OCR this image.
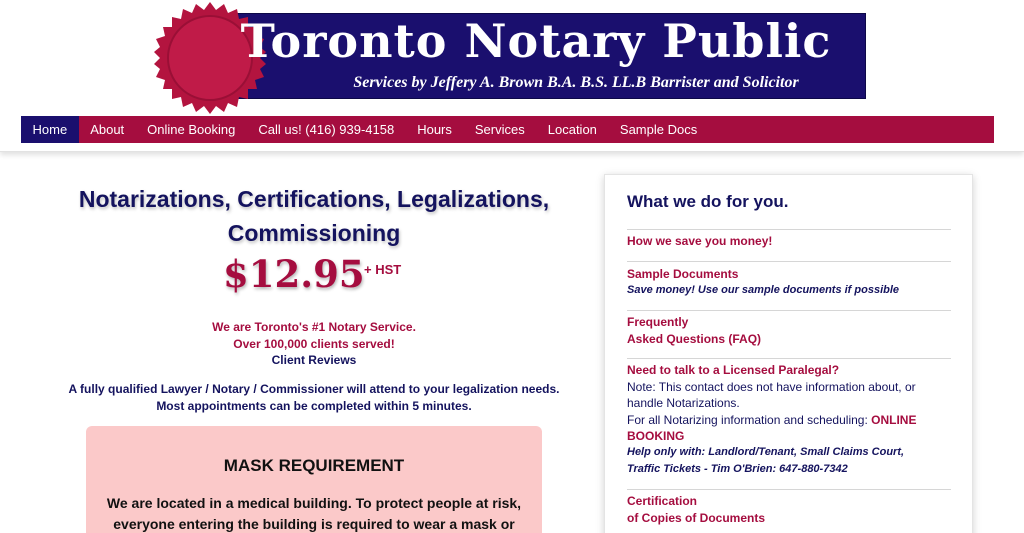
Toronto Notary Public
Services by Jeffery A. Brown B.A. B.S. LL.B Barrister and Solicitor
Home	About	Online Booking	Call us! (416) 939-4158	Hours	Services	Location	Sample Docs
Notarizations, Certifications, Legalizations,
Commissioning
$12.95 + HST
We are Toronto's #1 Notary Service.
Over 100,000 clients served!
Client Reviews
A fully qualified Lawyer / Notary / Commissioner will attend to your legalization needs.
Most appointments can be completed within 5 minutes.
MASK REQUIREMENT
We are located in a medical building. To protect people at risk,
everyone entering the building is required to wear a mask or
What we do for you.
How we save you money!
Sample Documents
Save money! Use our sample documents if possible
Frequently
Asked Questions (FAQ)
Need to talk to a Licensed Paralegal?
Note: This contact does not have information about, or
handle Notarizations.
For all Notarizing information and scheduling: ONLINE
BOOKING
Help only with: Landlord/Tenant, Small Claims Court,
Traffic Tickets - Tim O'Brien: 647-880-7342
Certification
of Copies of Documents
